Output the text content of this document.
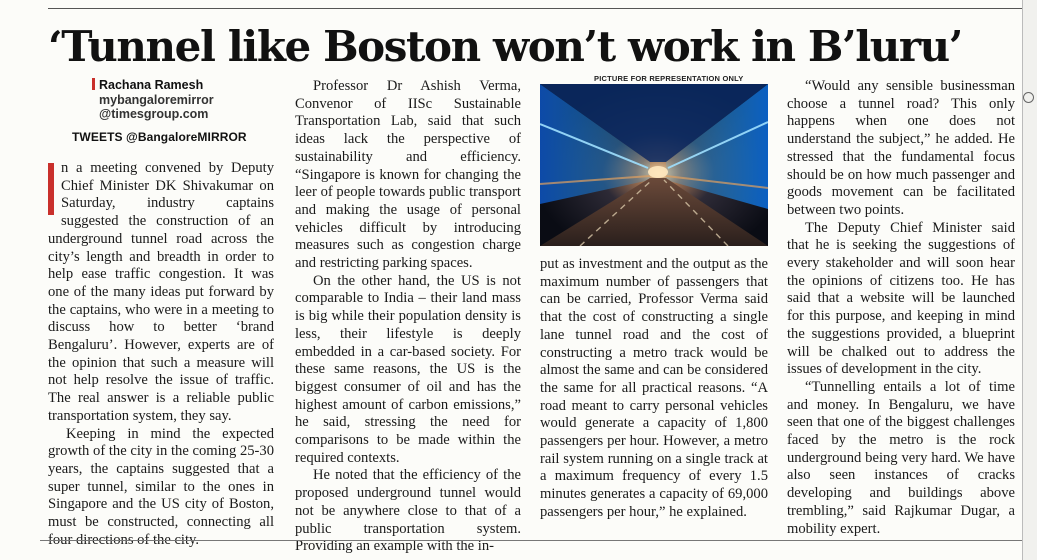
‘Tunnel like Boston won’t work in B’luru’
Rachana Ramesh
mybangaloremirror
@timesgroup.com
TWEETS @BangaloreMIRROR

n a meeting convened by Deputy Chief Minister DK Shivakumar on Saturday, industry captains suggested the construction of an underground tunnel road across the city’s length and breadth in order to help ease traffic congestion. It was one of the many ideas put forward by the captains, who were in a meeting to discuss how to better ‘brand Bengaluru’. However, experts are of the opinion that such a measure will not help resolve the issue of traffic. The real answer is a reliable public transportation system, they say.

Keeping in mind the expected growth of the city in the coming 25-30 years, the captains suggested that a super tunnel, similar to the ones in Singapore and the US city of Boston, must be constructed, connecting all four directions of the city.

Professor Dr Ashish Verma, Convenor of IISc Sustainable Transportation Lab, said that such ideas lack the perspective of sustainability and efficiency. “Singapore is known for changing the leer of people towards public transport and making the usage of personal vehicles difficult by introducing measures such as congestion charge and restricting parking spaces.

On the other hand, the US is not comparable to India – their land mass is big while their population density is less, their lifestyle is deeply embedded in a car-based society. For these same reasons, the US is the biggest consumer of oil and has the highest amount of carbon emissions,” he said, stressing the need for comparisons to be made within the required contexts.

He noted that the efficiency of the proposed underground tunnel would not be anywhere close to that of a public transportation system. Providing an example with the in-

PICTURE FOR REPRESENTATION ONLY

put as investment and the output as the maximum number of passengers that can be carried, Professor Verma said that the cost of constructing a single lane tunnel road and the cost of constructing a metro track would be almost the same and can be considered the same for all practical reasons. “A road meant to carry personal vehicles would generate a capacity of 1,800 passengers per hour. However, a metro rail system running on a single track at a maximum frequency of every 1.5 minutes generates a capacity of 69,000 passengers per hour,” he explained.

“Would any sensible businessman choose a tunnel road? This only happens when one does not understand the subject,” he added. He stressed that the fundamental focus should be on how much passenger and goods movement can be facilitated between two points.

The Deputy Chief Minister said that he is seeking the suggestions of every stakeholder and will soon hear the opinions of citizens too. He has said that a website will be launched for this purpose, and keeping in mind the suggestions provided, a blueprint will be chalked out to address the issues of development in the city.

“Tunnelling entails a lot of time and money. In Bengaluru, we have seen that one of the biggest challenges faced by the metro is the rock underground being very hard. We have also seen instances of cracks developing and buildings above trembling,” said Rajkumar Dugar, a mobility expert.
